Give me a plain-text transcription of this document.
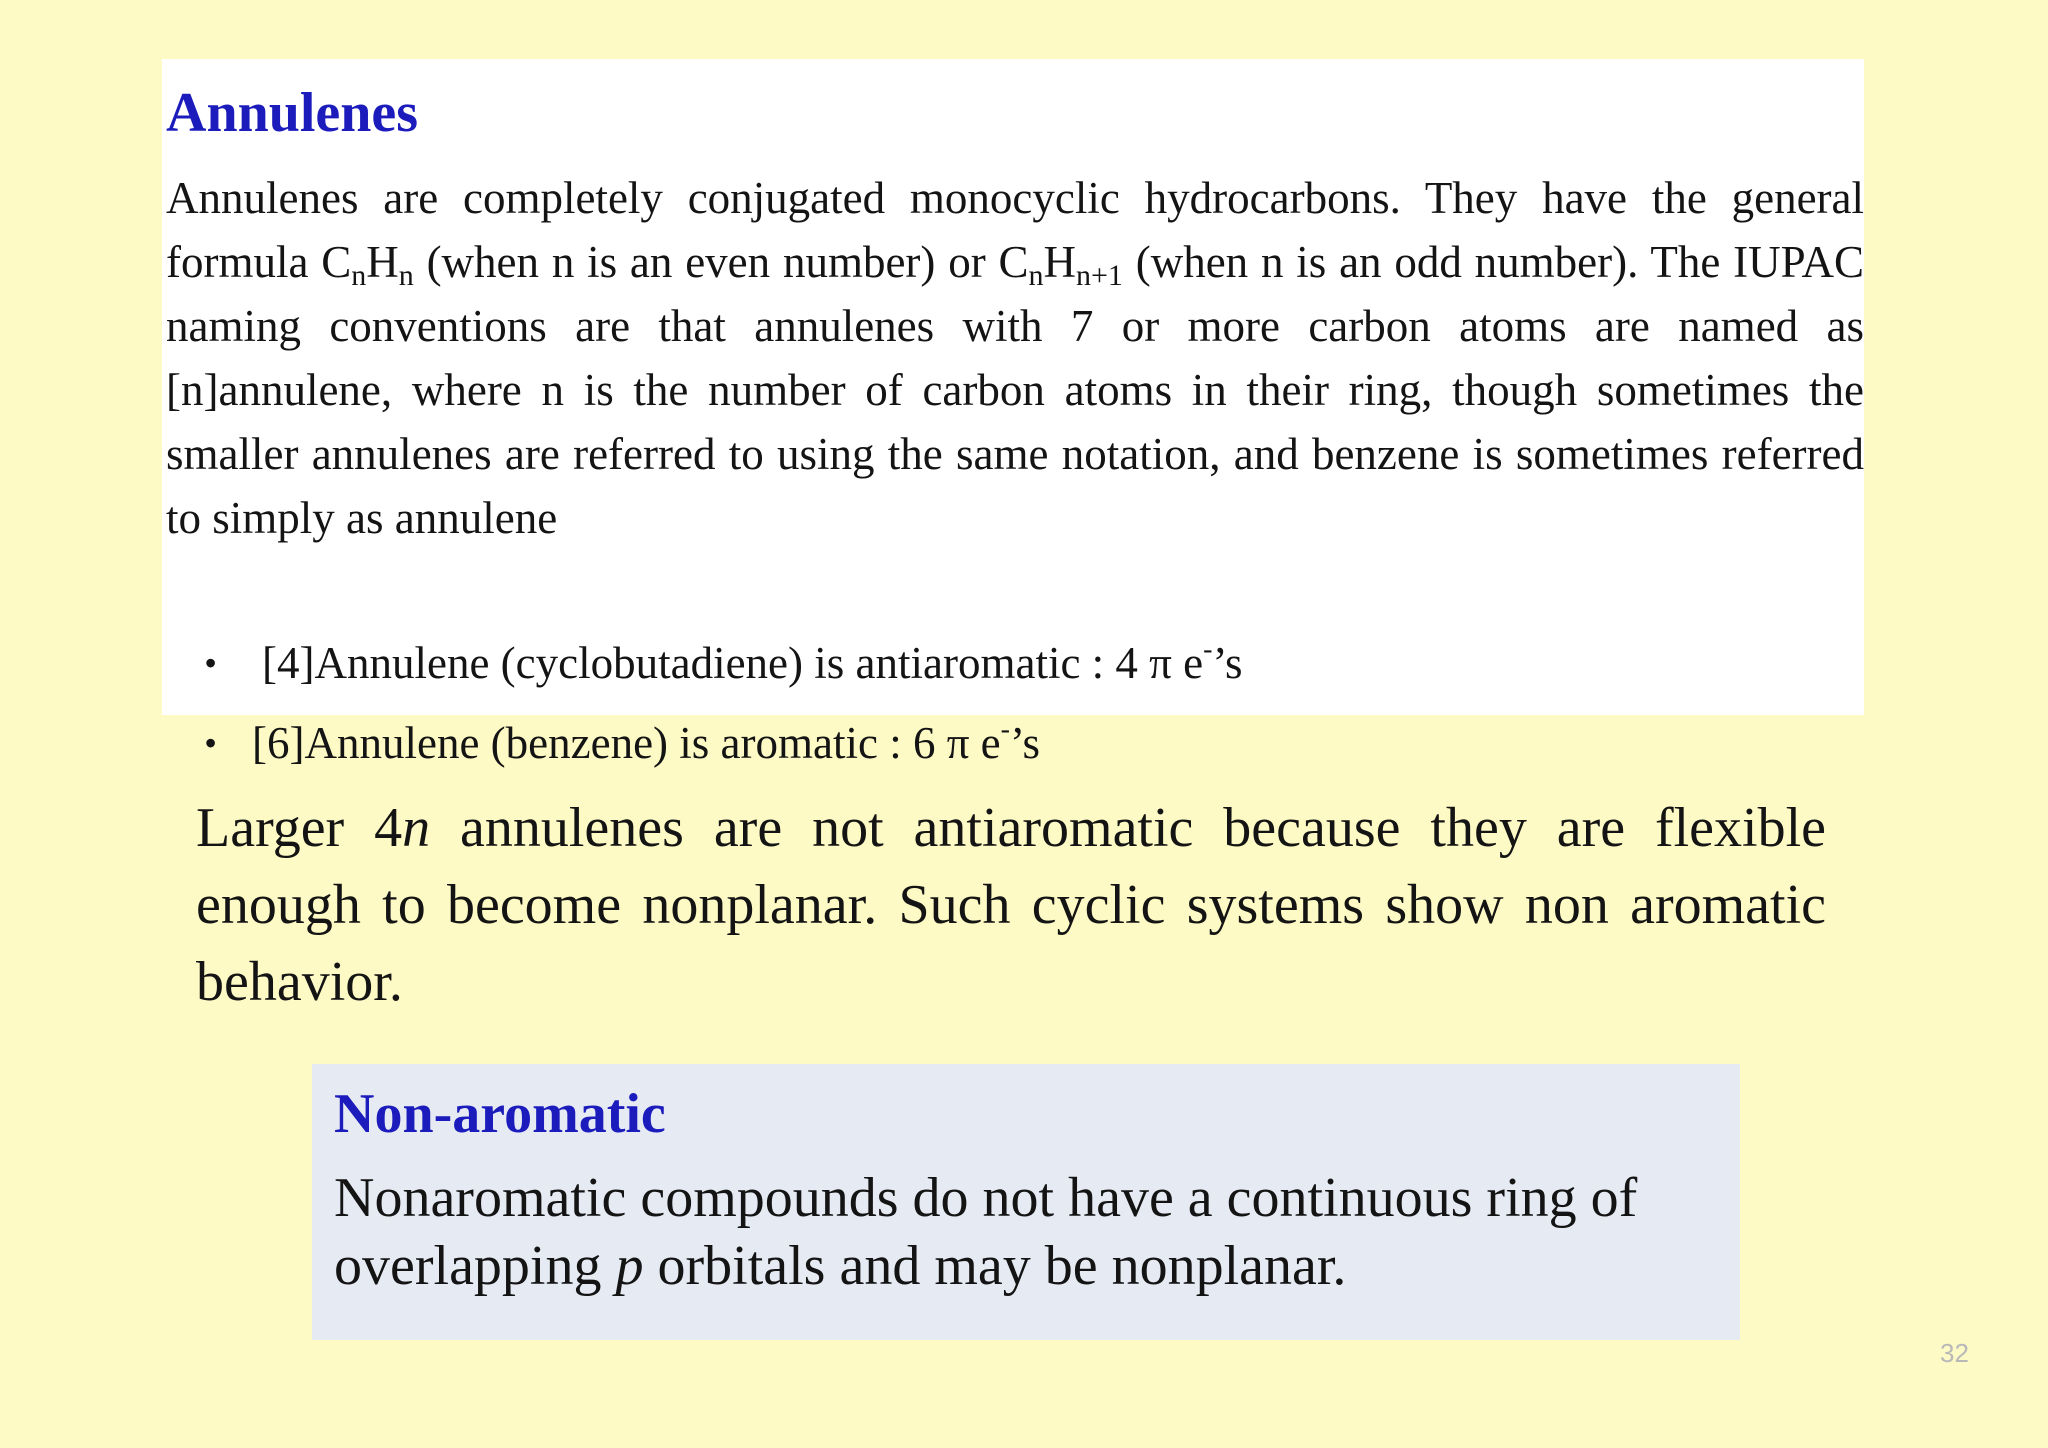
Annulenes

Annulenes are completely conjugated monocyclic hydrocarbons. They have the general formula $C_nH_n$ (when n is an even number) or $C_nH_{n+1}$ (when n is an odd number). The IUPAC naming conventions are that annulenes with 7 or more carbon atoms are named as [n]annulene, where n is the number of carbon atoms in their ring, though sometimes the smaller annulenes are referred to using the same notation, and benzene is sometimes referred to simply as annulene

• [4]Annulene (cyclobutadiene) is antiaromatic : 4 π e-’s
• [6]Annulene (benzene) is aromatic : 6 π e-’s

Larger 4n annulenes are not antiaromatic because they are flexible enough to become nonplanar. Such cyclic systems show non aromatic behavior.

Non-aromatic

Nonaromatic compounds do not have a continuous ring of
overlapping p orbitals and may be nonplanar.

32
